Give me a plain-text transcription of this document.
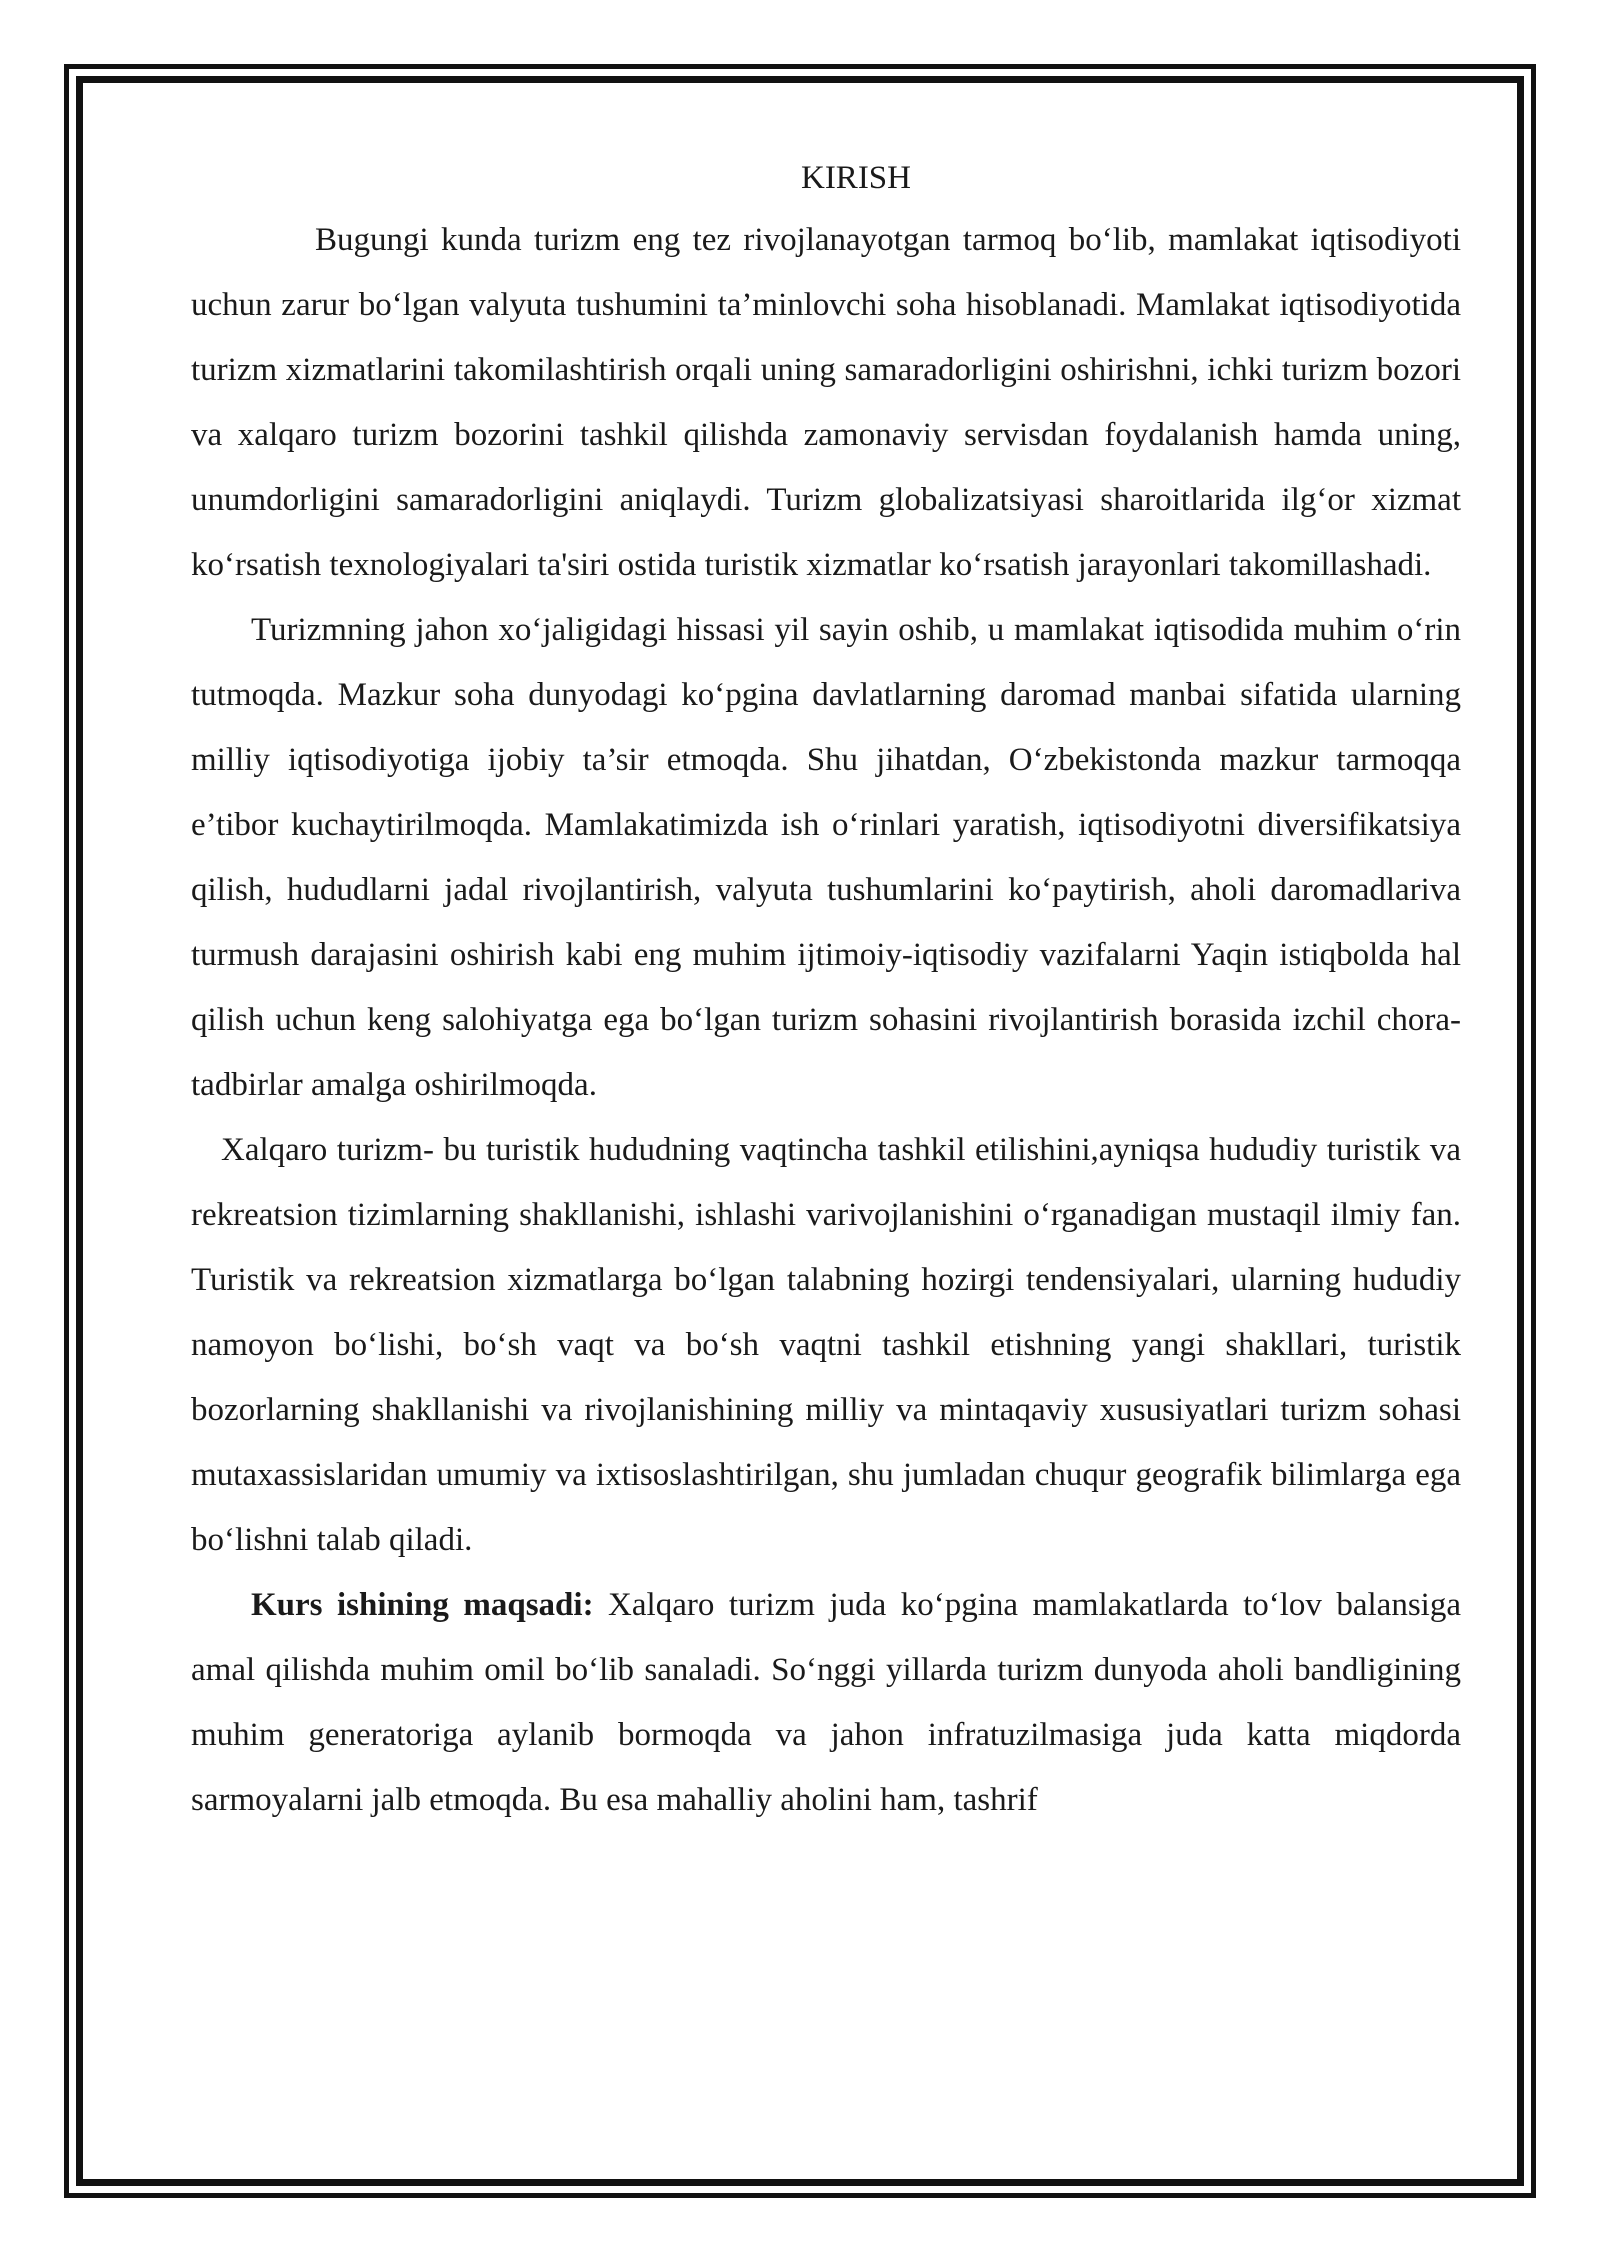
KIRISH

Bugungi kunda turizm eng tez rivojlanayotgan tarmoq bo‘lib, mamlakat iqtisodiyoti uchun zarur bo‘lgan valyuta tushumini ta’minlovchi soha hisoblanadi. Mamlakat iqtisodiyotida turizm xizmatlarini takomilashtirish orqali uning samaradorligini oshirishni, ichki turizm bozori va xalqaro turizm bozorini tashkil qilishda zamonaviy servisdan foydalanish hamda uning, unumdorligini samaradorligini aniqlaydi. Turizm globalizatsiyasi sharoitlarida ilg‘or xizmat ko‘rsatish texnologiyalari ta'siri ostida turistik xizmatlar ko‘rsatish jarayonlari takomillashadi.

Turizmning jahon xo‘jaligidagi hissasi yil sayin oshib, u mamlakat iqtisodida muhim o‘rin tutmoqda. Mazkur soha dunyodagi ko‘pgina davlatlarning daromad manbai sifatida ularning milliy iqtisodiyotiga ijobiy ta’sir etmoqda. Shu jihatdan, O‘zbekistonda mazkur tarmoqqa e’tibor kuchaytirilmoqda. Mamlakatimizda ish o‘rinlari yaratish, iqtisodiyotni diversifikatsiya qilish, hududlarni jadal rivojlantirish, valyuta tushumlarini ko‘paytirish, aholi daromadlariva turmush darajasini oshirish kabi eng muhim ijtimoiy-iqtisodiy vazifalarni Yaqin istiqbolda hal qilish uchun keng salohiyatga ega bo‘lgan turizm sohasini rivojlantirish borasida izchil chora-tadbirlar amalga oshirilmoqda.

Xalqaro turizm- bu turistik hududning vaqtincha tashkil etilishini,ayniqsa hududiy turistik va rekreatsion tizimlarning shakllanishi, ishlashi varivojlanishini o‘rganadigan mustaqil ilmiy fan. Turistik va rekreatsion xizmatlarga bo‘lgan talabning hozirgi tendensiyalari, ularning hududiy namoyon bo‘lishi, bo‘sh vaqt va bo‘sh vaqtni tashkil etishning yangi shakllari, turistik bozorlarning shakllanishi va rivojlanishining milliy va mintaqaviy xususiyatlari turizm sohasi mutaxassislaridan umumiy va ixtisoslashtirilgan, shu jumladan chuqur geografik bilimlarga ega bo‘lishni talab qiladi.

Kurs ishining maqsadi: Xalqaro turizm juda ko‘pgina mamlakatlarda to‘lov balansiga amal qilishda muhim omil bo‘lib sanaladi. So‘nggi yillarda turizm dunyoda aholi bandligining muhim generatoriga aylanib bormoqda va jahon infratuzilmasiga juda katta miqdorda sarmoyalarni jalb etmoqda. Bu esa mahalliy aholini ham, tashrif
